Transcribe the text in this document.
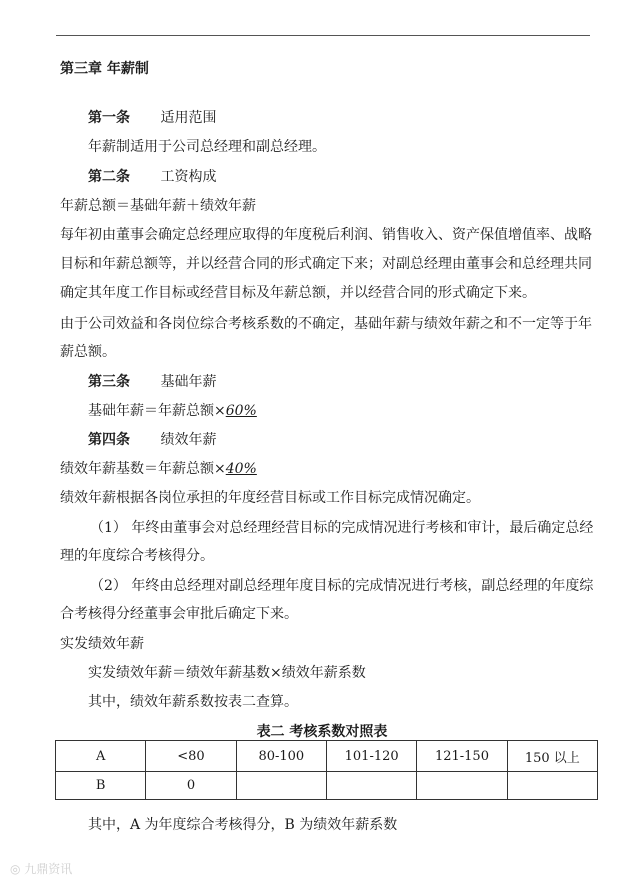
第三章 年薪制
第一条 适用范围
年薪制适用于公司总经理和副总经理。
第二条 工资构成
年薪总额＝基础年薪＋绩效年薪
每年初由董事会确定总经理应取得的年度税后利润、销售收入、资产保值增值率、战略
目标和年薪总额等，并以经营合同的形式确定下来；对副总经理由董事会和总经理共同
确定其年度工作目标或经营目标及年薪总额，并以经营合同的形式确定下来。
由于公司效益和各岗位综合考核系数的不确定，基础年薪与绩效年薪之和不一定等于年
薪总额。
第三条 基础年薪
基础年薪＝年薪总额×60%
第四条 绩效年薪
绩效年薪基数＝年薪总额×40%
绩效年薪根据各岗位承担的年度经营目标或工作目标完成情况确定。
（1） 年终由董事会对总经理经营目标的完成情况进行考核和审计，最后确定总经
理的年度综合考核得分。
（2） 年终由总经理对副总经理年度目标的完成情况进行考核，副总经理的年度综
合考核得分经董事会审批后确定下来。
实发绩效年薪
实发绩效年薪＝绩效年薪基数×绩效年薪系数
其中，绩效年薪系数按表二查算。
表二 考核系数对照表
A	<80	80-100	101-120	121-150	150 以上
B	0				
其中，A 为年度综合考核得分，B 为绩效年薪系数
◎ 九鼎资讯
